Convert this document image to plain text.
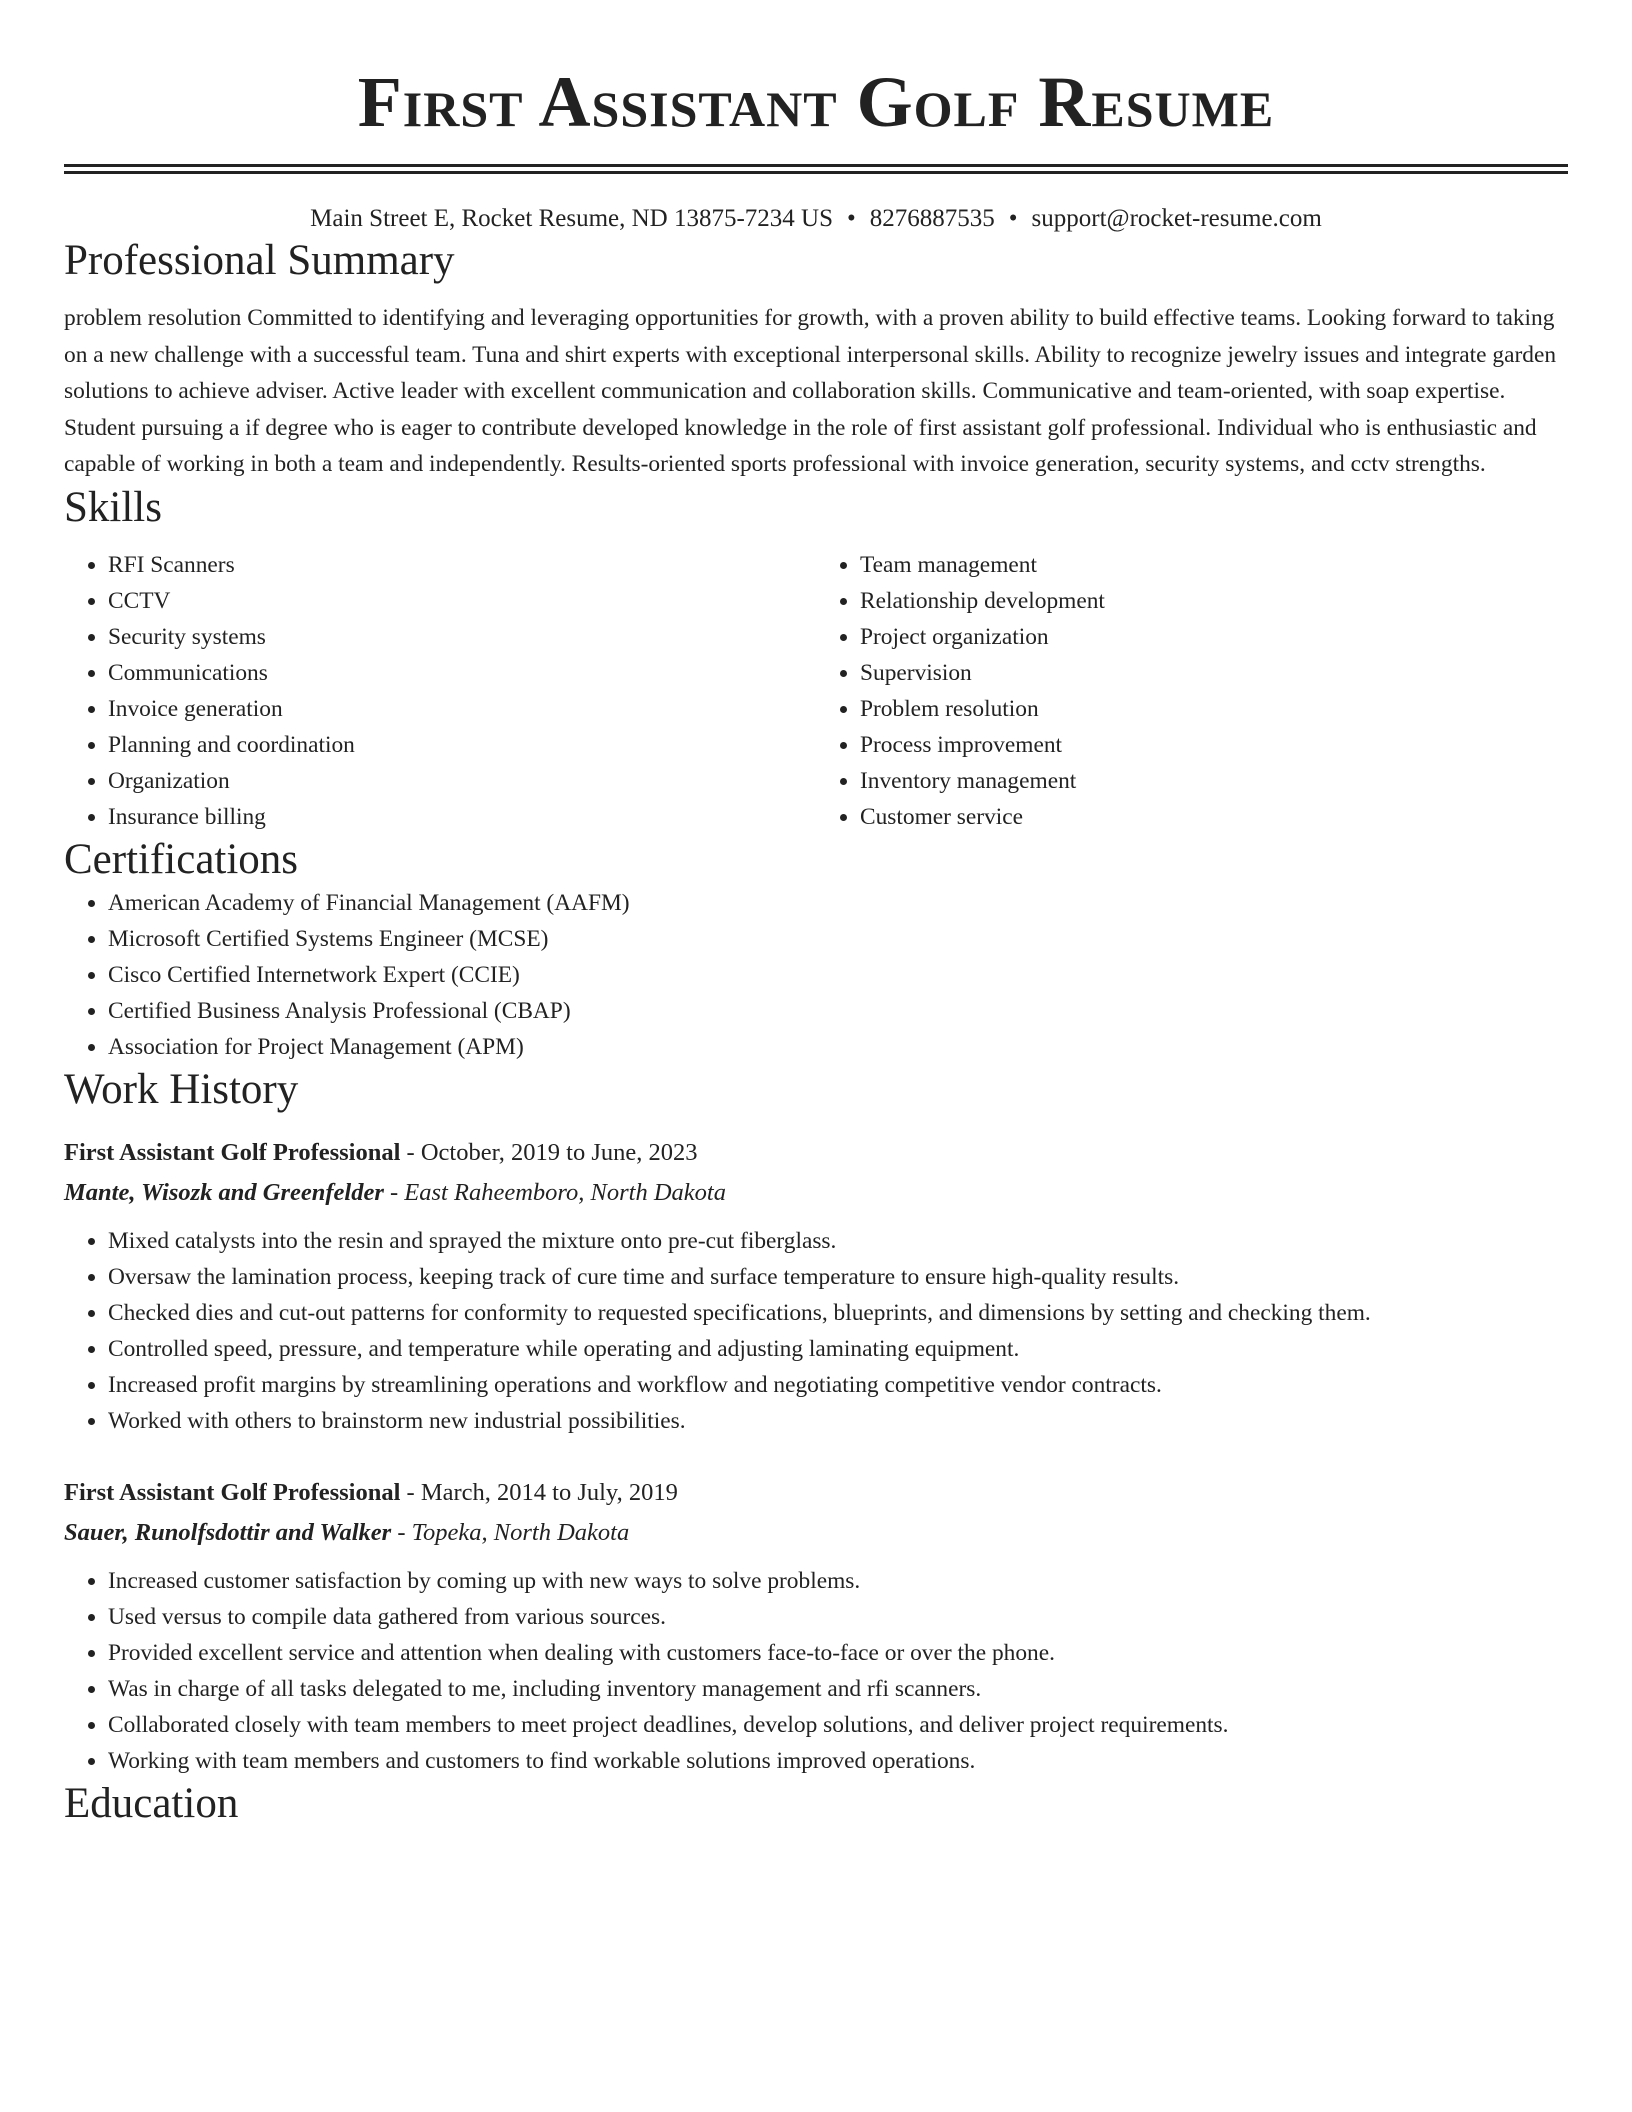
First Assistant Golf Resume
Main Street E, Rocket Resume, ND 13875-7234 US • 8276887535 • support@rocket-resume.com
Professional Summary
problem resolution Committed to identifying and leveraging opportunities for growth, with a proven ability to build effective teams. Looking forward to taking on a new challenge with a successful team. Tuna and shirt experts with exceptional interpersonal skills. Ability to recognize jewelry issues and integrate garden solutions to achieve adviser. Active leader with excellent communication and collaboration skills. Communicative and team-oriented, with soap expertise. Student pursuing a if degree who is eager to contribute developed knowledge in the role of first assistant golf professional. Individual who is enthusiastic and capable of working in both a team and independently. Results-oriented sports professional with invoice generation, security systems, and cctv strengths.
Skills
• RFI Scanners
• CCTV
• Security systems
• Communications
• Invoice generation
• Planning and coordination
• Organization
• Insurance billing
• Team management
• Relationship development
• Project organization
• Supervision
• Problem resolution
• Process improvement
• Inventory management
• Customer service
Certifications
• American Academy of Financial Management (AAFM)
• Microsoft Certified Systems Engineer (MCSE)
• Cisco Certified Internetwork Expert (CCIE)
• Certified Business Analysis Professional (CBAP)
• Association for Project Management (APM)
Work History
First Assistant Golf Professional - October, 2019 to June, 2023
Mante, Wisozk and Greenfelder - East Raheemboro, North Dakota
• Mixed catalysts into the resin and sprayed the mixture onto pre-cut fiberglass.
• Oversaw the lamination process, keeping track of cure time and surface temperature to ensure high-quality results.
• Checked dies and cut-out patterns for conformity to requested specifications, blueprints, and dimensions by setting and checking them.
• Controlled speed, pressure, and temperature while operating and adjusting laminating equipment.
• Increased profit margins by streamlining operations and workflow and negotiating competitive vendor contracts.
• Worked with others to brainstorm new industrial possibilities.
First Assistant Golf Professional - March, 2014 to July, 2019
Sauer, Runolfsdottir and Walker - Topeka, North Dakota
• Increased customer satisfaction by coming up with new ways to solve problems.
• Used versus to compile data gathered from various sources.
• Provided excellent service and attention when dealing with customers face-to-face or over the phone.
• Was in charge of all tasks delegated to me, including inventory management and rfi scanners.
• Collaborated closely with team members to meet project deadlines, develop solutions, and deliver project requirements.
• Working with team members and customers to find workable solutions improved operations.
Education
